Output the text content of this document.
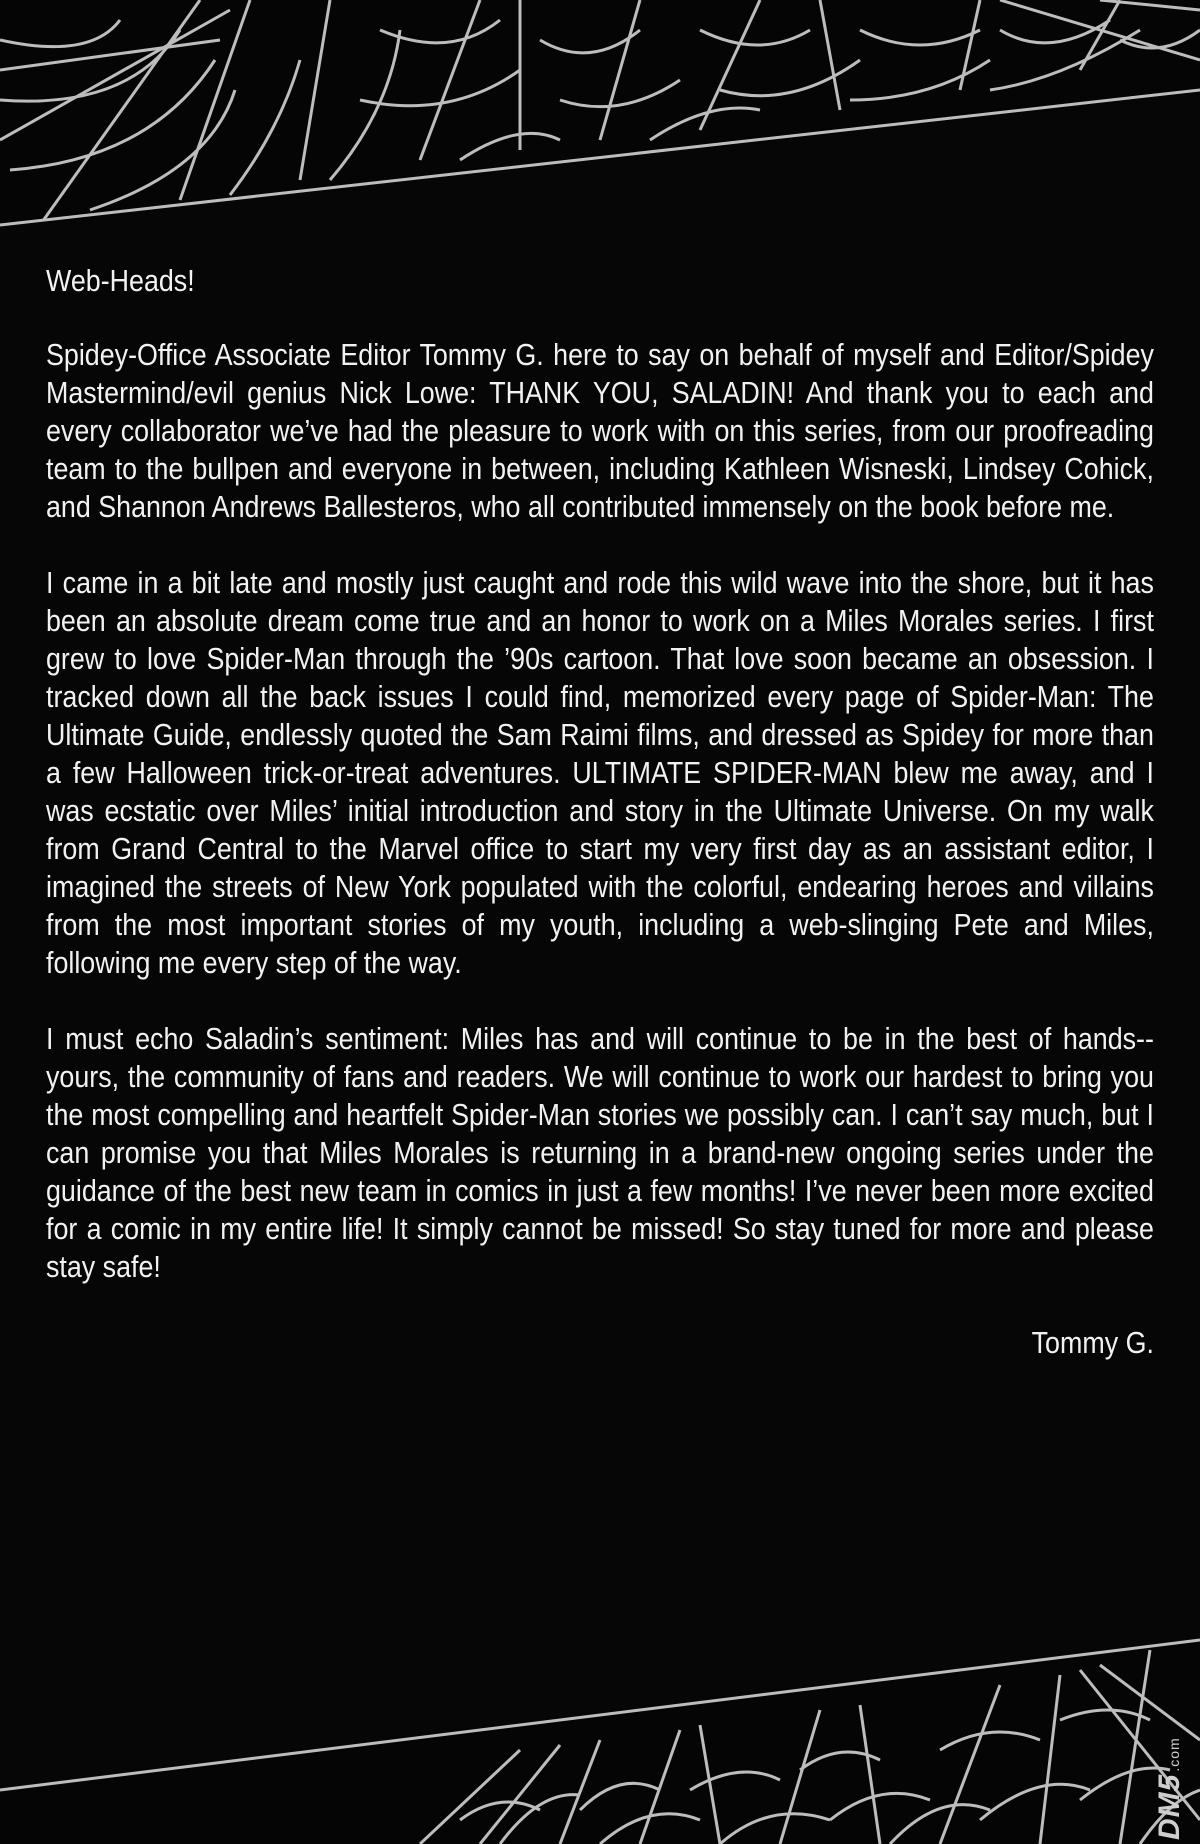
Web-Heads!

Spidey-Office Associate Editor Tommy G. here to say on behalf of myself and Editor/Spidey Mastermind/evil genius Nick Lowe: THANK YOU, SALADIN! And thank you to each and every collaborator we’ve had the pleasure to work with on this series, from our proofreading team to the bullpen and everyone in between, including Kathleen Wisneski, Lindsey Cohick, and Shannon Andrews Ballesteros, who all contributed immensely on the book before me.

I came in a bit late and mostly just caught and rode this wild wave into the shore, but it has been an absolute dream come true and an honor to work on a Miles Morales series. I first grew to love Spider-Man through the ’90s cartoon. That love soon became an obsession. I tracked down all the back issues I could find, memorized every page of Spider-Man: The Ultimate Guide, endlessly quoted the Sam Raimi films, and dressed as Spidey for more than a few Halloween trick-or-treat adventures. ULTIMATE SPIDER-MAN blew me away, and I was ecstatic over Miles’ initial introduction and story in the Ultimate Universe. On my walk from Grand Central to the Marvel office to start my very first day as an assistant editor, I imagined the streets of New York populated with the colorful, endearing heroes and villains from the most important stories of my youth, including a web-slinging Pete and Miles, following me every step of the way.

I must echo Saladin’s sentiment: Miles has and will continue to be in the best of hands--yours, the community of fans and readers. We will continue to work our hardest to bring you the most compelling and heartfelt Spider-Man stories we possibly can. I can’t say much, but I can promise you that Miles Morales is returning in a brand-new ongoing series under the guidance of the best new team in comics in just a few months! I’ve never been more excited for a comic in my entire life! It simply cannot be missed! So stay tuned for more and please stay safe!

Tommy G.

DM5.com
